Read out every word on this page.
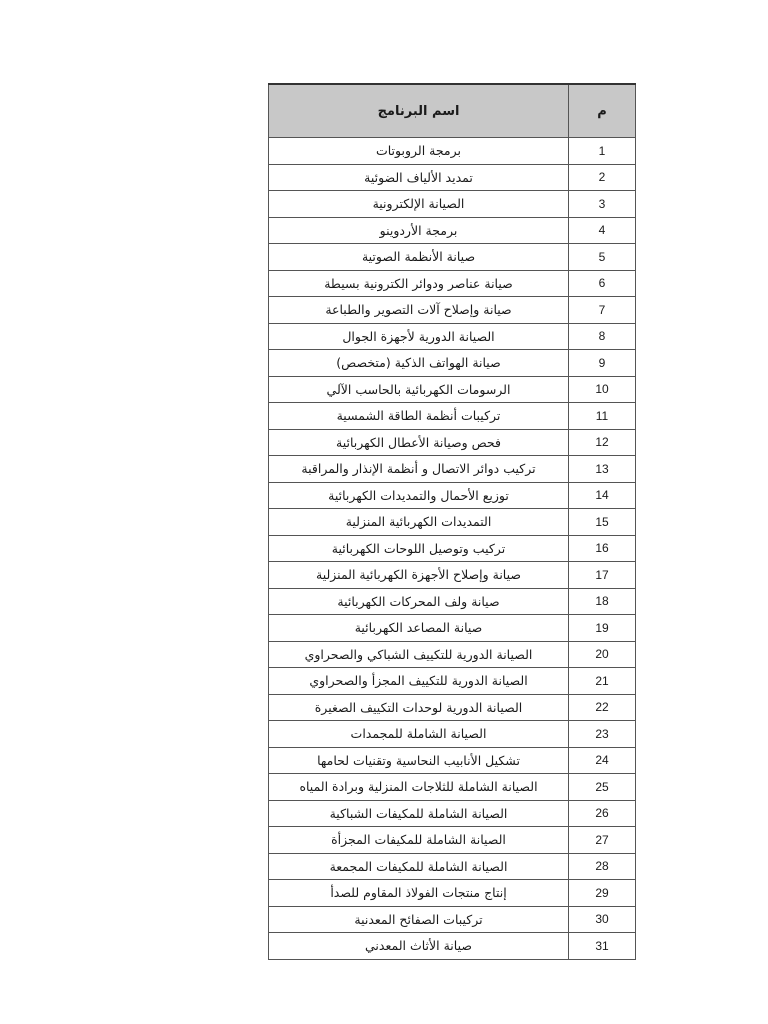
م	اسم البرنامج
1	برمجة الروبوتات
2	تمديد الألياف الضوئية
3	الصيانة الإلكترونية
4	برمجة الأردوينو
5	صيانة الأنظمة الصوتية
6	صيانة عناصر ودوائر الكترونية بسيطة
7	صيانة وإصلاح آلات التصوير والطباعة
8	الصيانة الدورية لأجهزة الجوال
9	صيانة الهواتف الذكية (متخصص)
10	الرسومات الكهربائية بالحاسب الآلي
11	تركيبات أنظمة الطاقة الشمسية
12	فحص وصيانة الأعطال الكهربائية
13	تركيب دوائر الاتصال و أنظمة الإنذار والمراقبة
14	توزيع الأحمال والتمديدات الكهربائية
15	التمديدات الكهربائية المنزلية
16	تركيب وتوصيل اللوحات الكهربائية
17	صيانة وإصلاح الأجهزة الكهربائية المنزلية
18	صيانة ولف المحركات الكهربائية
19	صيانة المصاعد الكهربائية
20	الصيانة الدورية للتكييف الشباكي والصحراوي
21	الصيانة الدورية للتكييف المجزأ والصحراوي
22	الصيانة الدورية لوحدات التكييف الصغيرة
23	الصيانة الشاملة للمجمدات
24	تشكيل الأنابيب النحاسية وتقنيات لحامها
25	الصيانة الشاملة للثلاجات المنزلية وبرادة المياه
26	الصيانة الشاملة للمكيفات الشباكية
27	الصيانة الشاملة للمكيفات المجزأة
28	الصيانة الشاملة للمكيفات المجمعة
29	إنتاج منتجات الفولاذ المقاوم للصدأ
30	تركيبات الصفائح المعدنية
31	صيانة الأثاث المعدني
